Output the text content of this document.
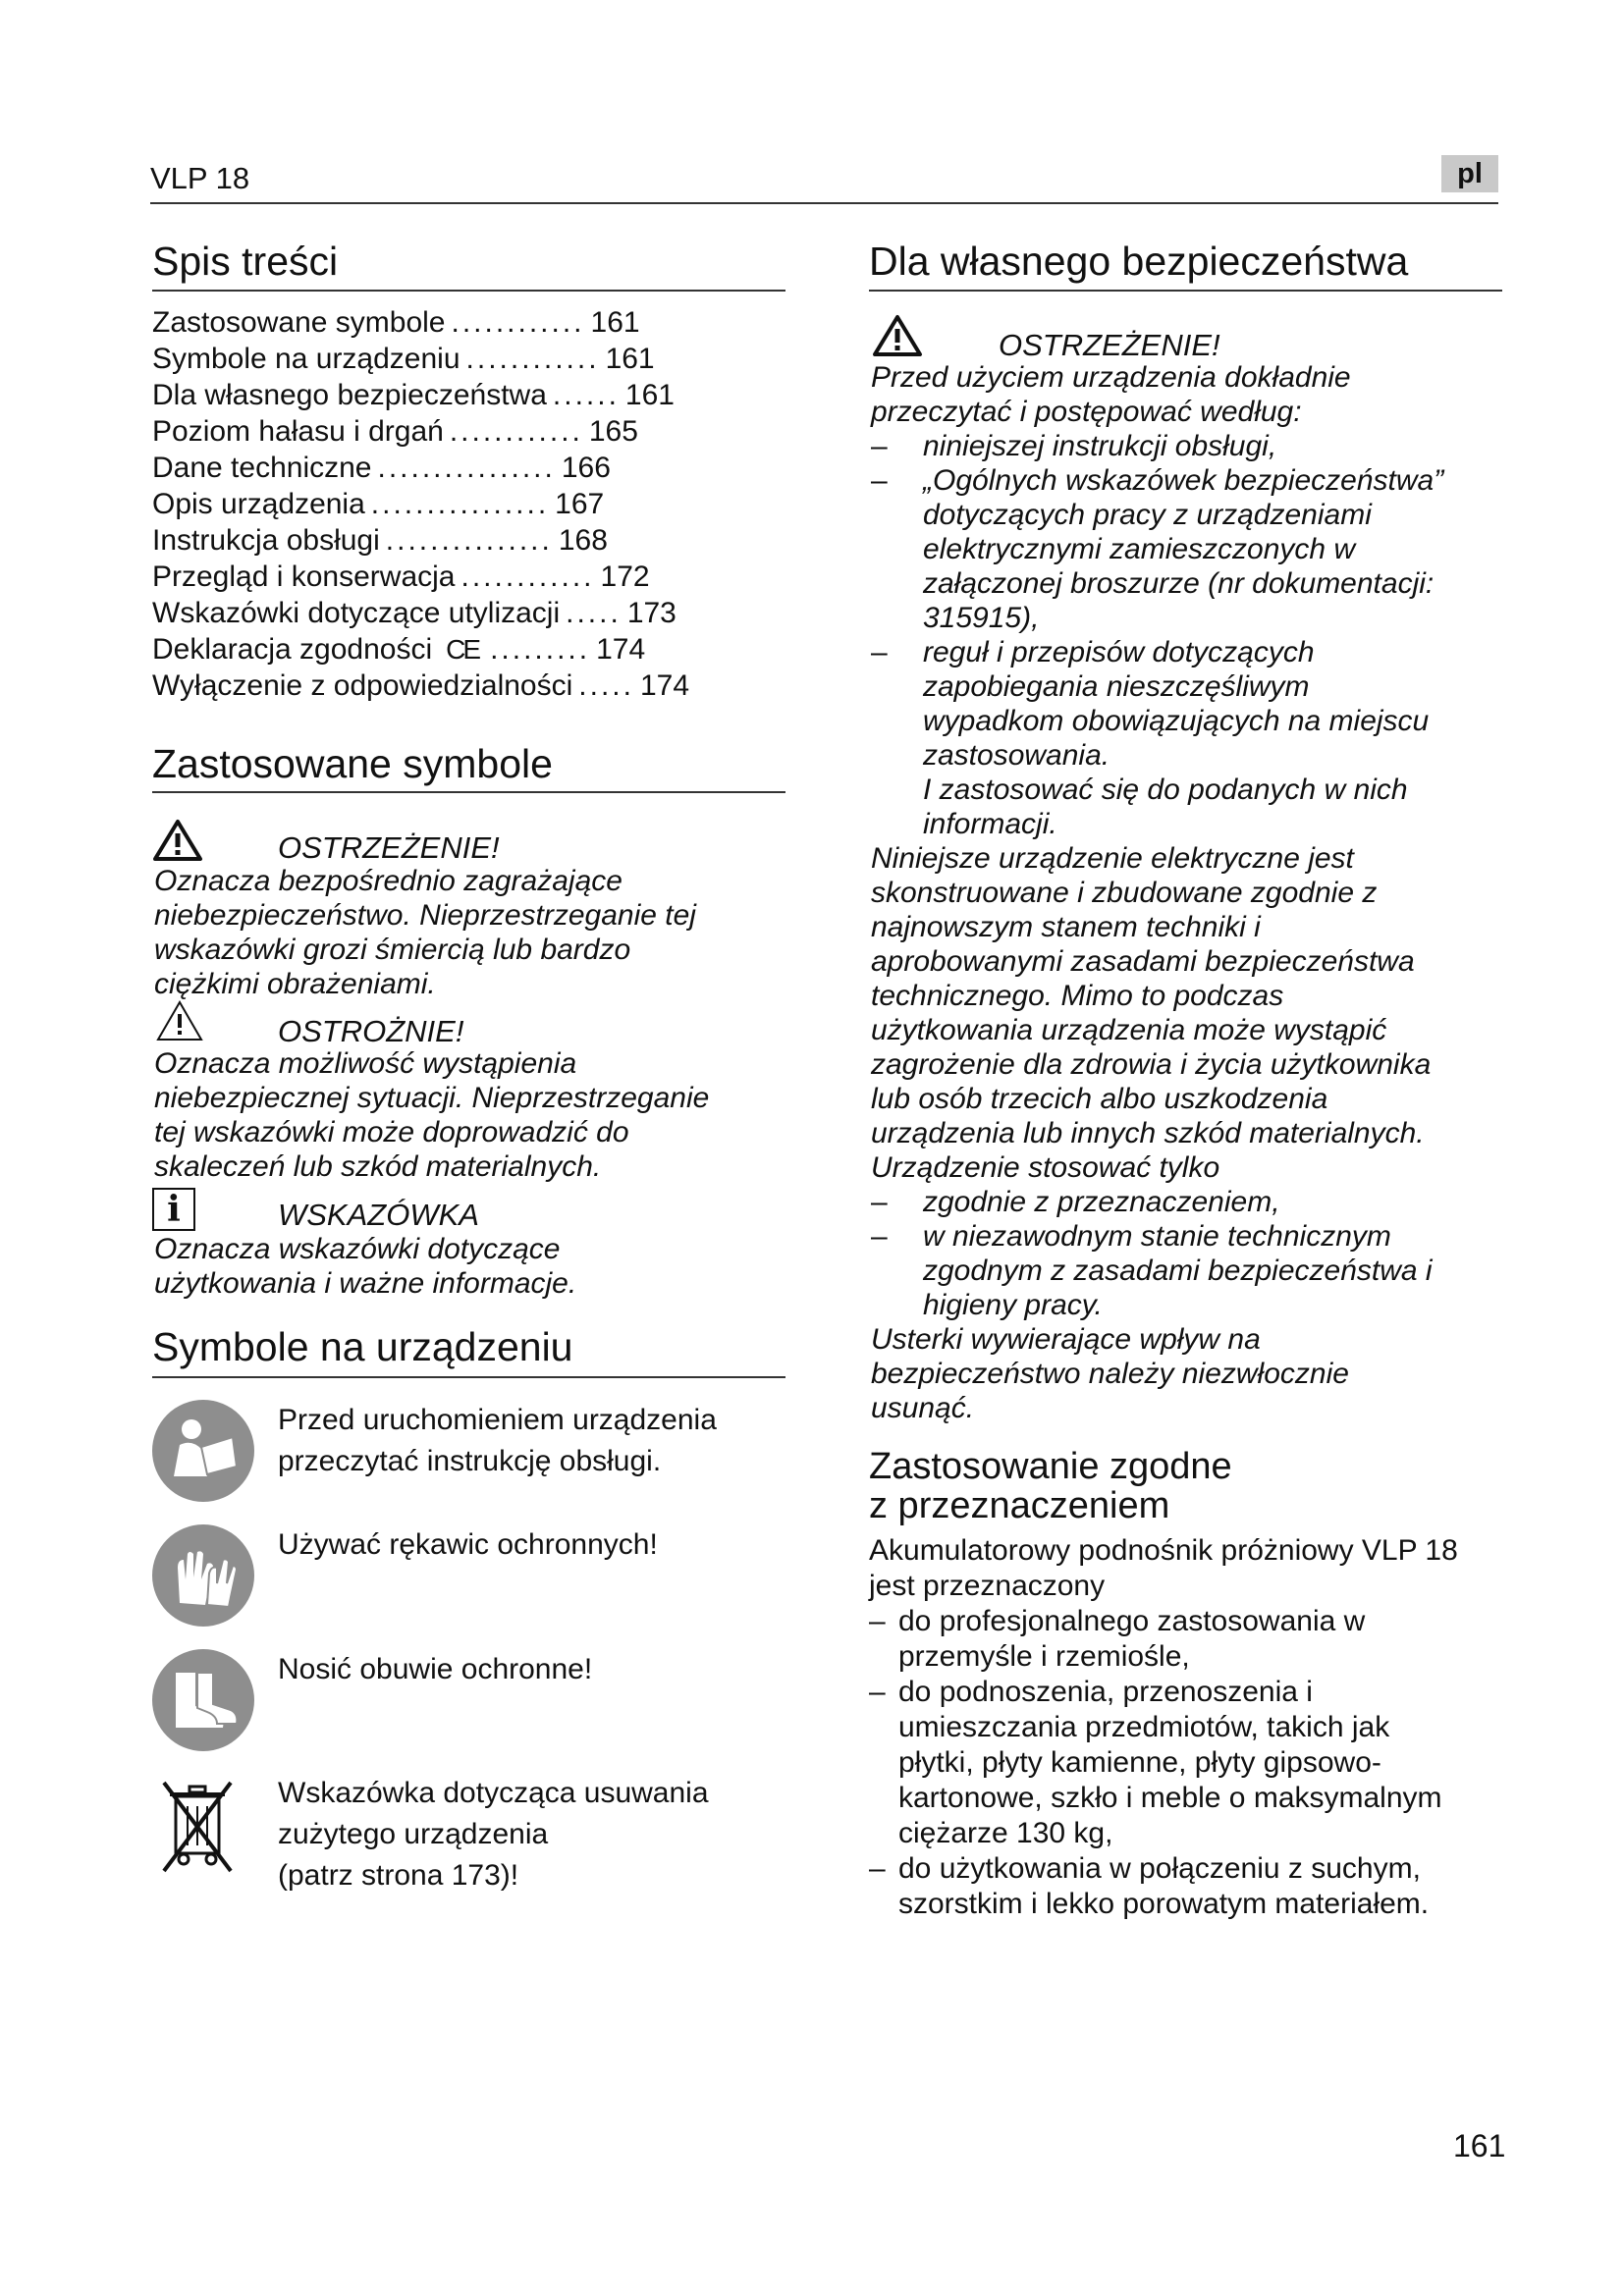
VLP 18	pl
Spis treści
Zastosowane symbole ............ 161
Symbole na urządzeniu ............ 161
Dla własnego bezpieczeństwa ...... 161
Poziom hałasu i drgań ............ 165
Dane techniczne ................ 166
Opis urządzenia ................ 167
Instrukcja obsługi ............... 168
Przegląd i konserwacja ............ 172
Wskazówki dotyczące utylizacji ..... 173
Deklaracja zgodności CE ......... 174
Wyłączenie z odpowiedzialności ..... 174
Zastosowane symbole
OSTRZEŻENIE!
Oznacza bezpośrednio zagrażające
niebezpieczeństwo. Nieprzestrzeganie tej
wskazówki grozi śmiercią lub bardzo
ciężkimi obrażeniami.
OSTROŻNIE!
Oznacza możliwość wystąpienia
niebezpiecznej sytuacji. Nieprzestrzeganie
tej wskazówki może doprowadzić do
skaleczeń lub szkód materialnych.
i	WSKAZÓWKA
Oznacza wskazówki dotyczące
użytkowania i ważne informacje.
Symbole na urządzeniu
Przed uruchomieniem urządzenia
przeczytać instrukcję obsługi.
Używać rękawic ochronnych!
Nosić obuwie ochronne!
Wskazówka dotycząca usuwania
zużytego urządzenia
(patrz strona 173)!
Dla własnego bezpieczeństwa
OSTRZEŻENIE!
Przed użyciem urządzenia dokładnie
przeczytać i postępować według:
– niniejszej instrukcji obsługi,
– „Ogólnych wskazówek bezpieczeństwa”
dotyczących pracy z urządzeniami
elektrycznymi zamieszczonych w
załączonej broszurze (nr dokumentacji:
315915),
– reguł i przepisów dotyczących
zapobiegania nieszczęśliwym
wypadkom obowiązujących na miejscu
zastosowania.
I zastosować się do podanych w nich
informacji.
Niniejsze urządzenie elektryczne jest
skonstruowane i zbudowane zgodnie z
najnowszym stanem techniki i
aprobowanymi zasadami bezpieczeństwa
technicznego. Mimo to podczas
użytkowania urządzenia może wystąpić
zagrożenie dla zdrowia i życia użytkownika
lub osób trzecich albo uszkodzenia
urządzenia lub innych szkód materialnych.
Urządzenie stosować tylko
– zgodnie z przeznaczeniem,
– w niezawodnym stanie technicznym
zgodnym z zasadami bezpieczeństwa i
higieny pracy.
Usterki wywierające wpływ na
bezpieczeństwo należy niezwłocznie
usunąć.
Zastosowanie zgodne
z przeznaczeniem
Akumulatorowy podnośnik próżniowy VLP 18
jest przeznaczony
– do profesjonalnego zastosowania w
przemyśle i rzemiośle,
– do podnoszenia, przenoszenia i
umieszczania przedmiotów, takich jak
płytki, płyty kamienne, płyty gipsowo-
kartonowe, szkło i meble o maksymalnym
ciężarze 130 kg,
– do użytkowania w połączeniu z suchym,
szorstkim i lekko porowatym materiałem.
161
